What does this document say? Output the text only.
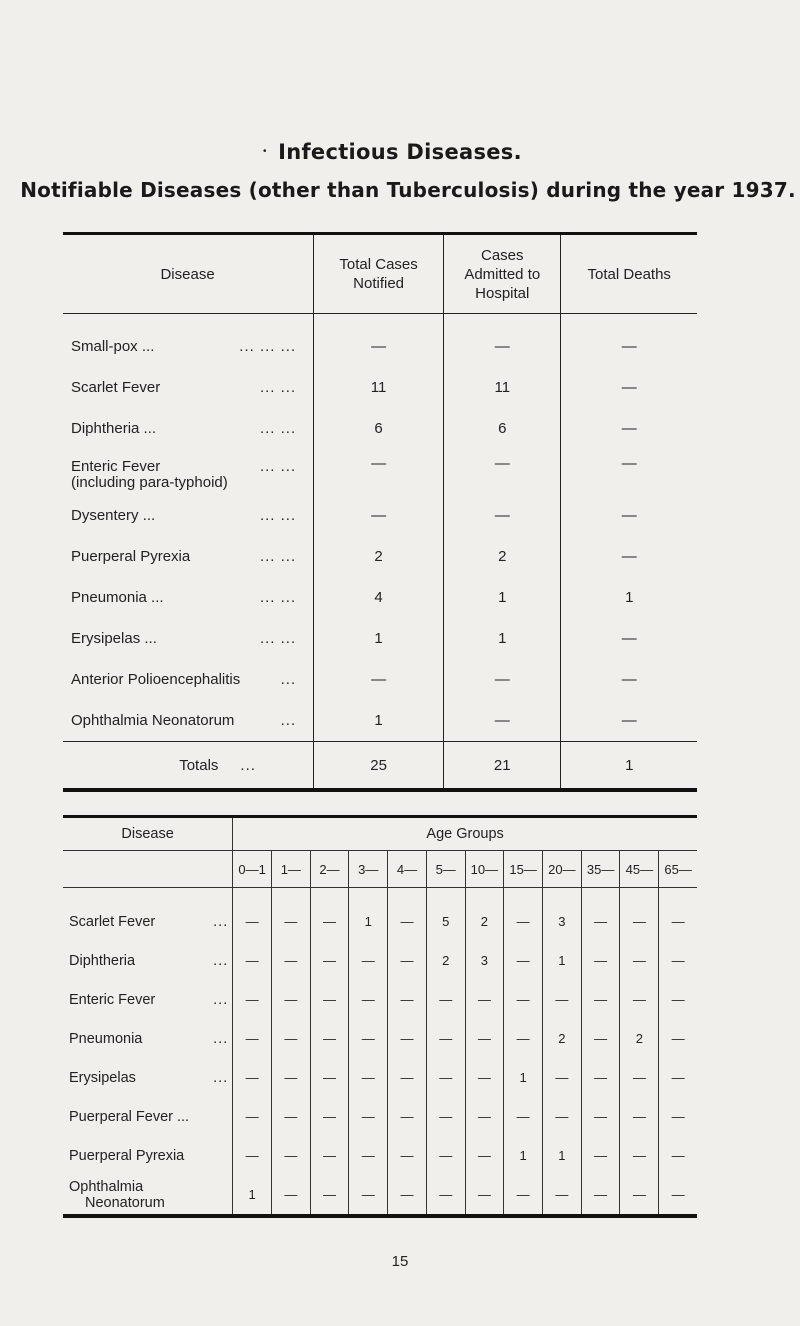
• Infectious Diseases.
Notifiable Diseases (other than Tuberculosis) during the year 1937.
Disease	Total Cases Notified	Cases Admitted to Hospital	Total Deaths

Small-pox ... ... ... ...	—	—	—
Scarlet Fever ... ...	11	11	—
Diphtheria ... ... ...	6	6	—
Enteric Fever ... ...

(including para-typhoid)	—	—	—
Dysentery ... ... ...	—	—	—
Puerperal Pyrexia ... ...	2	2	—
Pneumonia ... ... ...	4	1	1
Erysipelas ... ... ...	1	1	—
Anterior Polioencephalitis ...	—	—	—
Ophthalmia Neonatorum ...	1	—	—
Totals ...	25	21	1
Disease	Age Groups											
	0—1	1—	2—	3—	4—	5—	10—	15—	20—	35—	45—	65—
Scarlet Fever ...	—	—	—	1	—	5	2	—	3	—	—	—
Diphtheria ...	—	—	—	—	—	2	3	—	1	—	—	—
Enteric Fever ...	—	—	—	—	—	—	—	—	—	—	—	—
Pneumonia ...	—	—	—	—	—	—	—	—	2	—	2	—
Erysipelas ...	—	—	—	—	—	—	—	1	—	—	—	—
Puerperal Fever ...	—	—	—	—	—	—	—	—	—	—	—	—
Puerperal Pyrexia	—	—	—	—	—	—	—	1	1	—	—	—
Ophthalmia
Neonatorum	1	—	—	—	—	—	—	—	—	—	—	—
15
